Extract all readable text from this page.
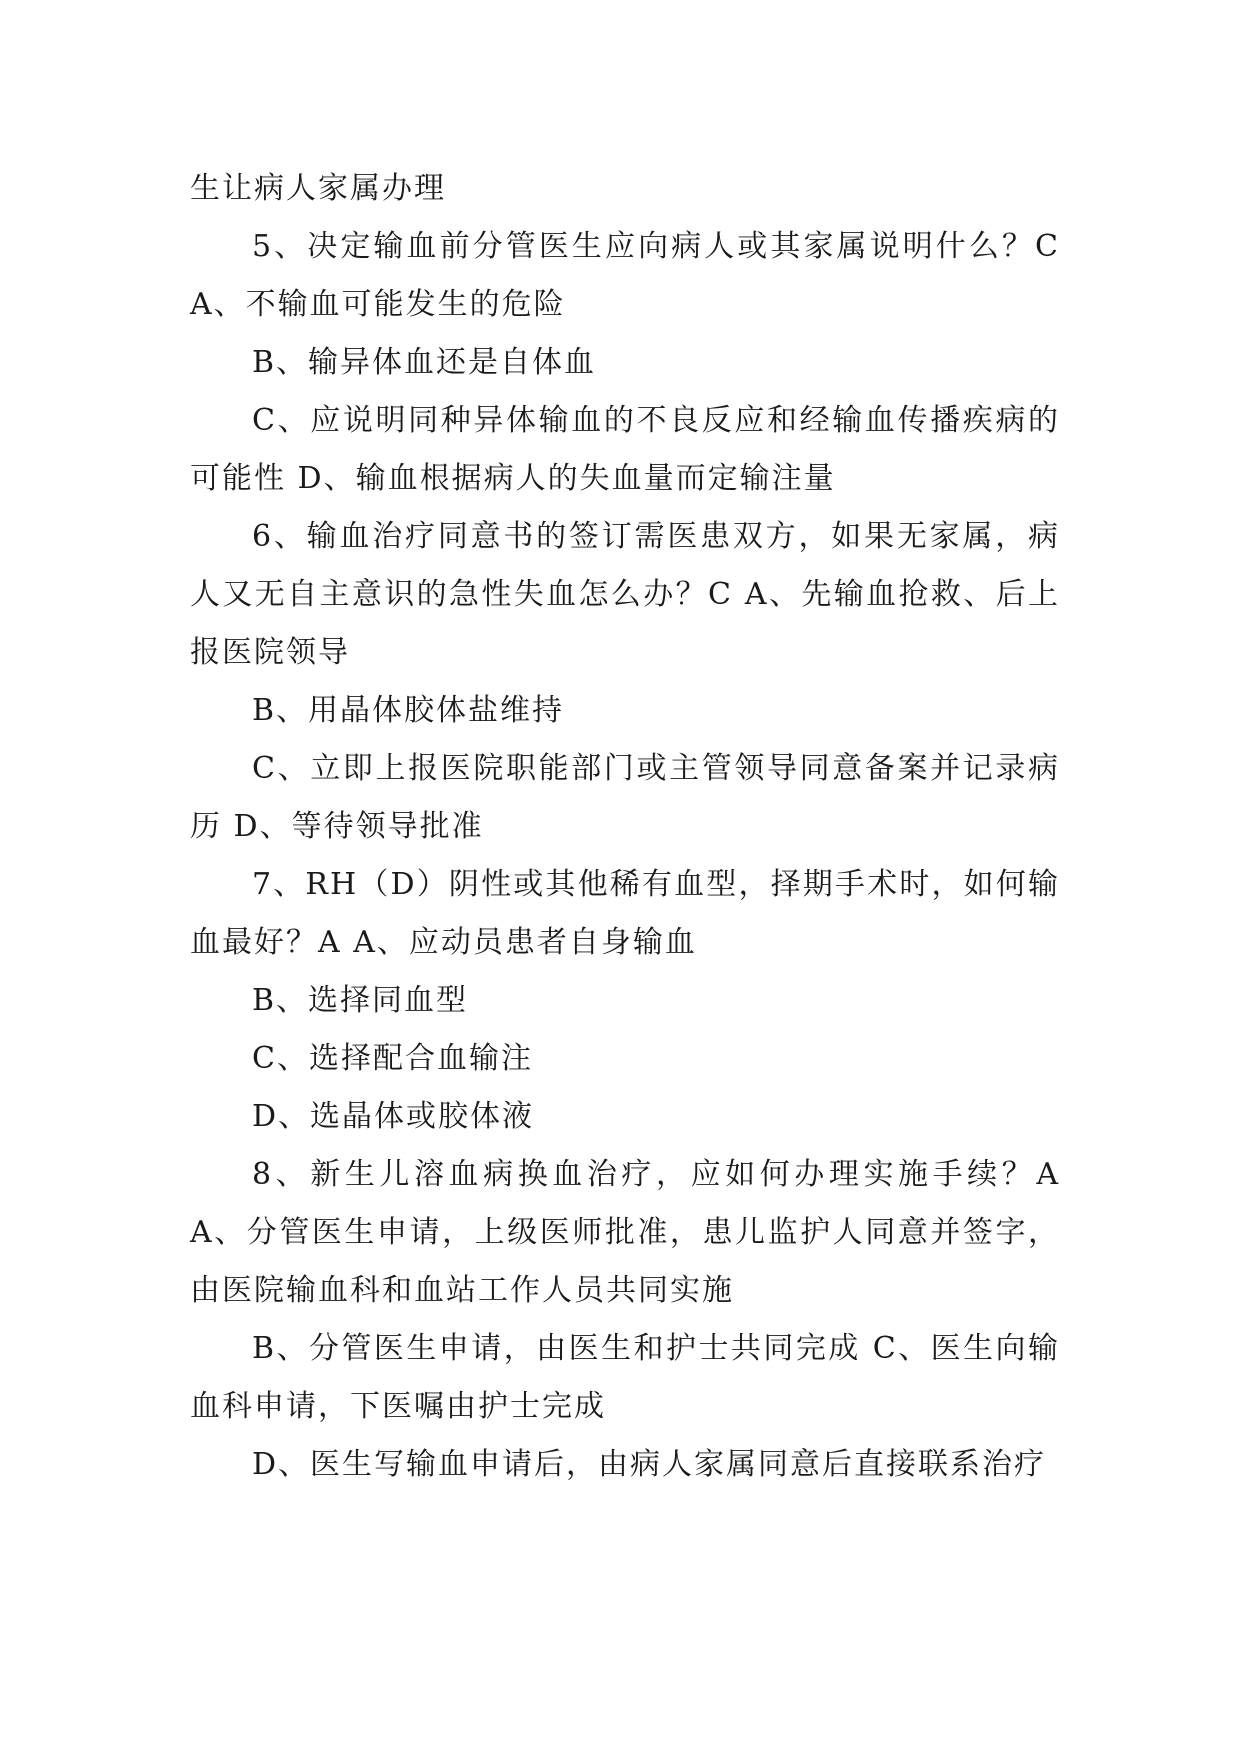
生让病人家属办理

5、决定输血前分管医生应向病人或其家属说明什么？C A、不输血可能发生的危险

B、输异体血还是自体血

C、应说明同种异体输血的不良反应和经输血传播疾病的可能性 D、输血根据病人的失血量而定输注量

6、输血治疗同意书的签订需医患双方，如果无家属，病人又无自主意识的急性失血怎么办？C A、先输血抢救、后上报医院领导

B、用晶体胶体盐维持

C、立即上报医院职能部门或主管领导同意备案并记录病历 D、等待领导批准

7、RH（D）阴性或其他稀有血型，择期手术时，如何输血最好？A A、应动员患者自身输血

B、选择同血型

C、选择配合血输注

D、选晶体或胶体液

8、新生儿溶血病换血治疗，应如何办理实施手续？A A、分管医生申请，上级医师批准，患儿监护人同意并签字，由医院输血科和血站工作人员共同实施

B、分管医生申请，由医生和护士共同完成 C、医生向输血科申请，下医嘱由护士完成

D、医生写输血申请后，由病人家属同意后直接联系治疗
